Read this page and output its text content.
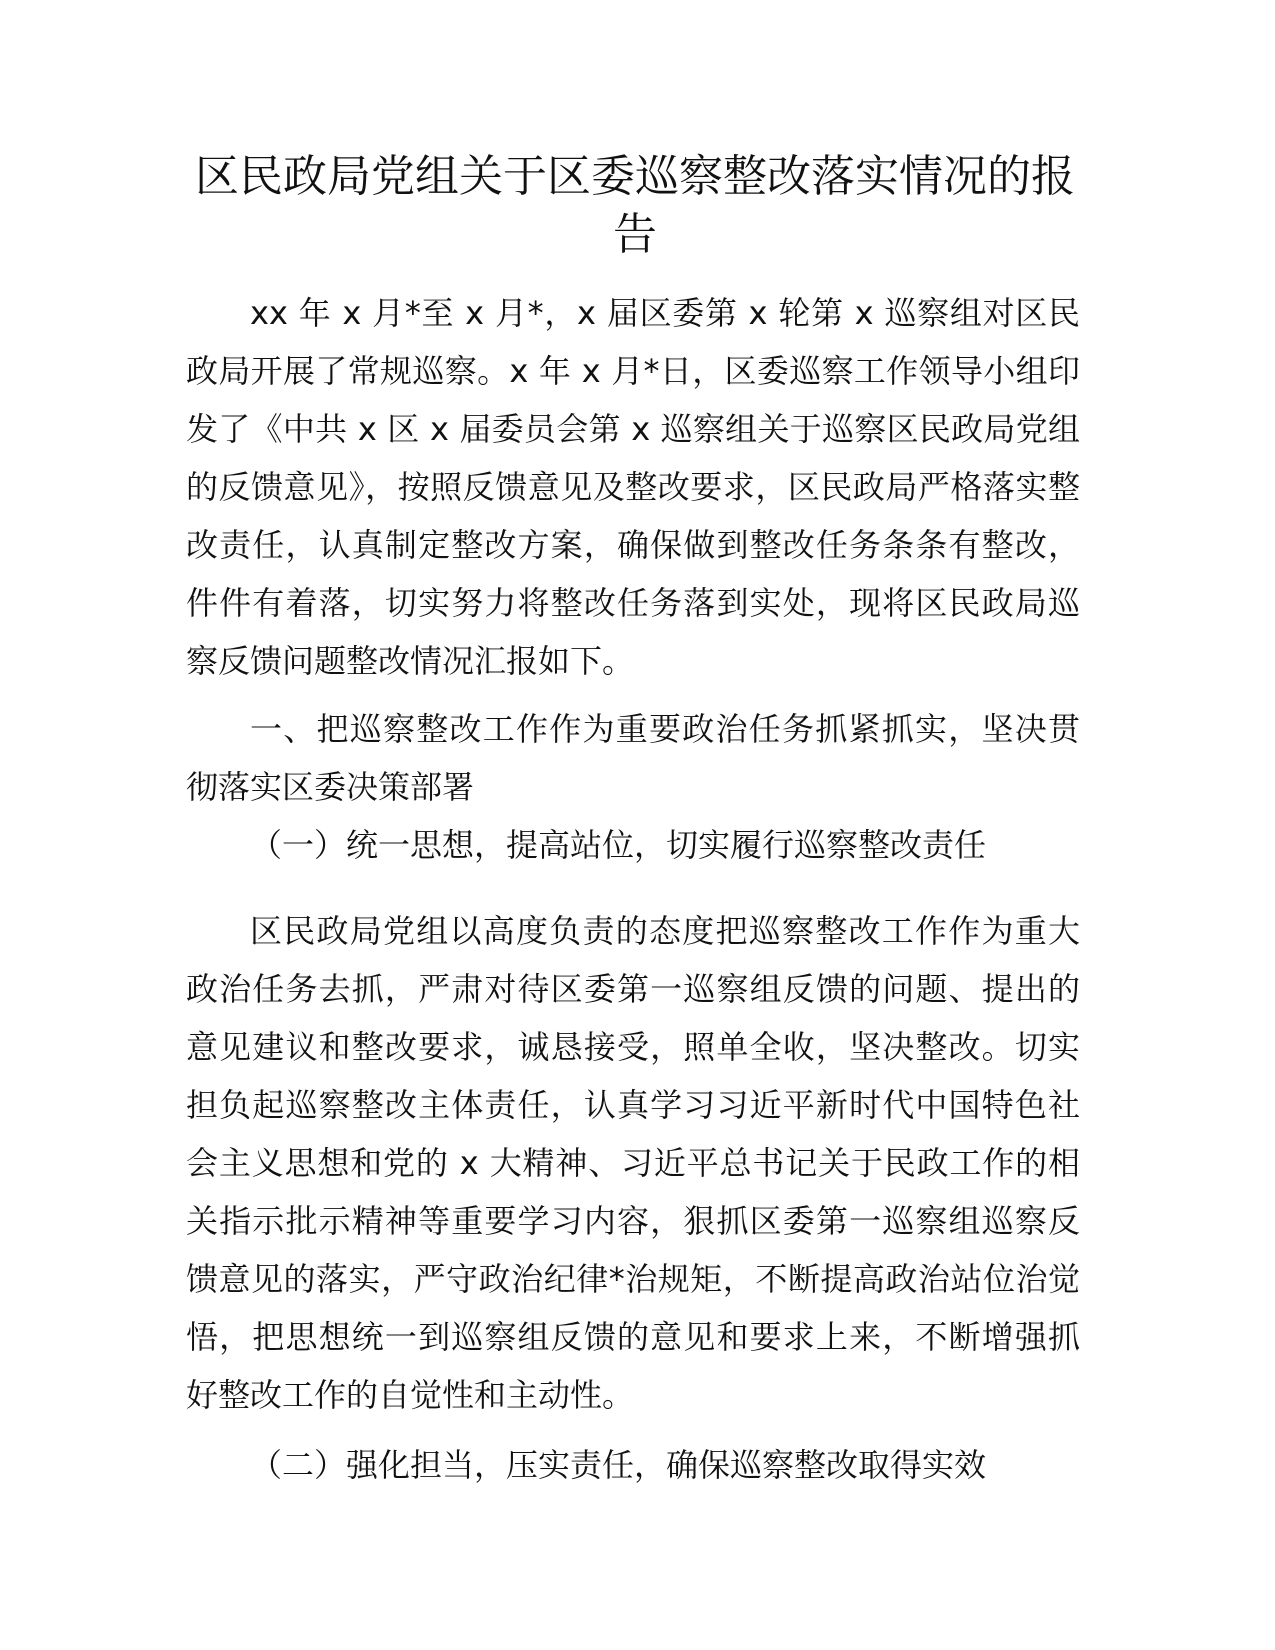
区民政局党组关于区委巡察整改落实情况的报告

xx 年 x 月*至 x 月*，x 届区委第 x 轮第 x 巡察组对区民政局开展了常规巡察。x 年 x 月*日，区委巡察工作领导小组印发了《中共 x 区 x 届委员会第 x 巡察组关于巡察区民政局党组的反馈意见》，按照反馈意见及整改要求，区民政局严格落实整改责任，认真制定整改方案，确保做到整改任务条条有整改，件件有着落，切实努力将整改任务落到实处，现将区民政局巡察反馈问题整改情况汇报如下。

一、把巡察整改工作作为重要政治任务抓紧抓实，坚决贯彻落实区委决策部署

（一）统一思想，提高站位，切实履行巡察整改责任

区民政局党组以高度负责的态度把巡察整改工作作为重大政治任务去抓，严肃对待区委第一巡察组反馈的问题、提出的意见建议和整改要求，诚恳接受，照单全收，坚决整改。切实担负起巡察整改主体责任，认真学习习近平新时代中国特色社会主义思想和党的 x 大精神、习近平总书记关于民政工作的相关指示批示精神等重要学习内容，狠抓区委第一巡察组巡察反馈意见的落实，严守政治纪律*治规矩，不断提高政治站位治觉悟，把思想统一到巡察组反馈的意见和要求上来，不断增强抓好整改工作的自觉性和主动性。

（二）强化担当，压实责任，确保巡察整改取得实效
